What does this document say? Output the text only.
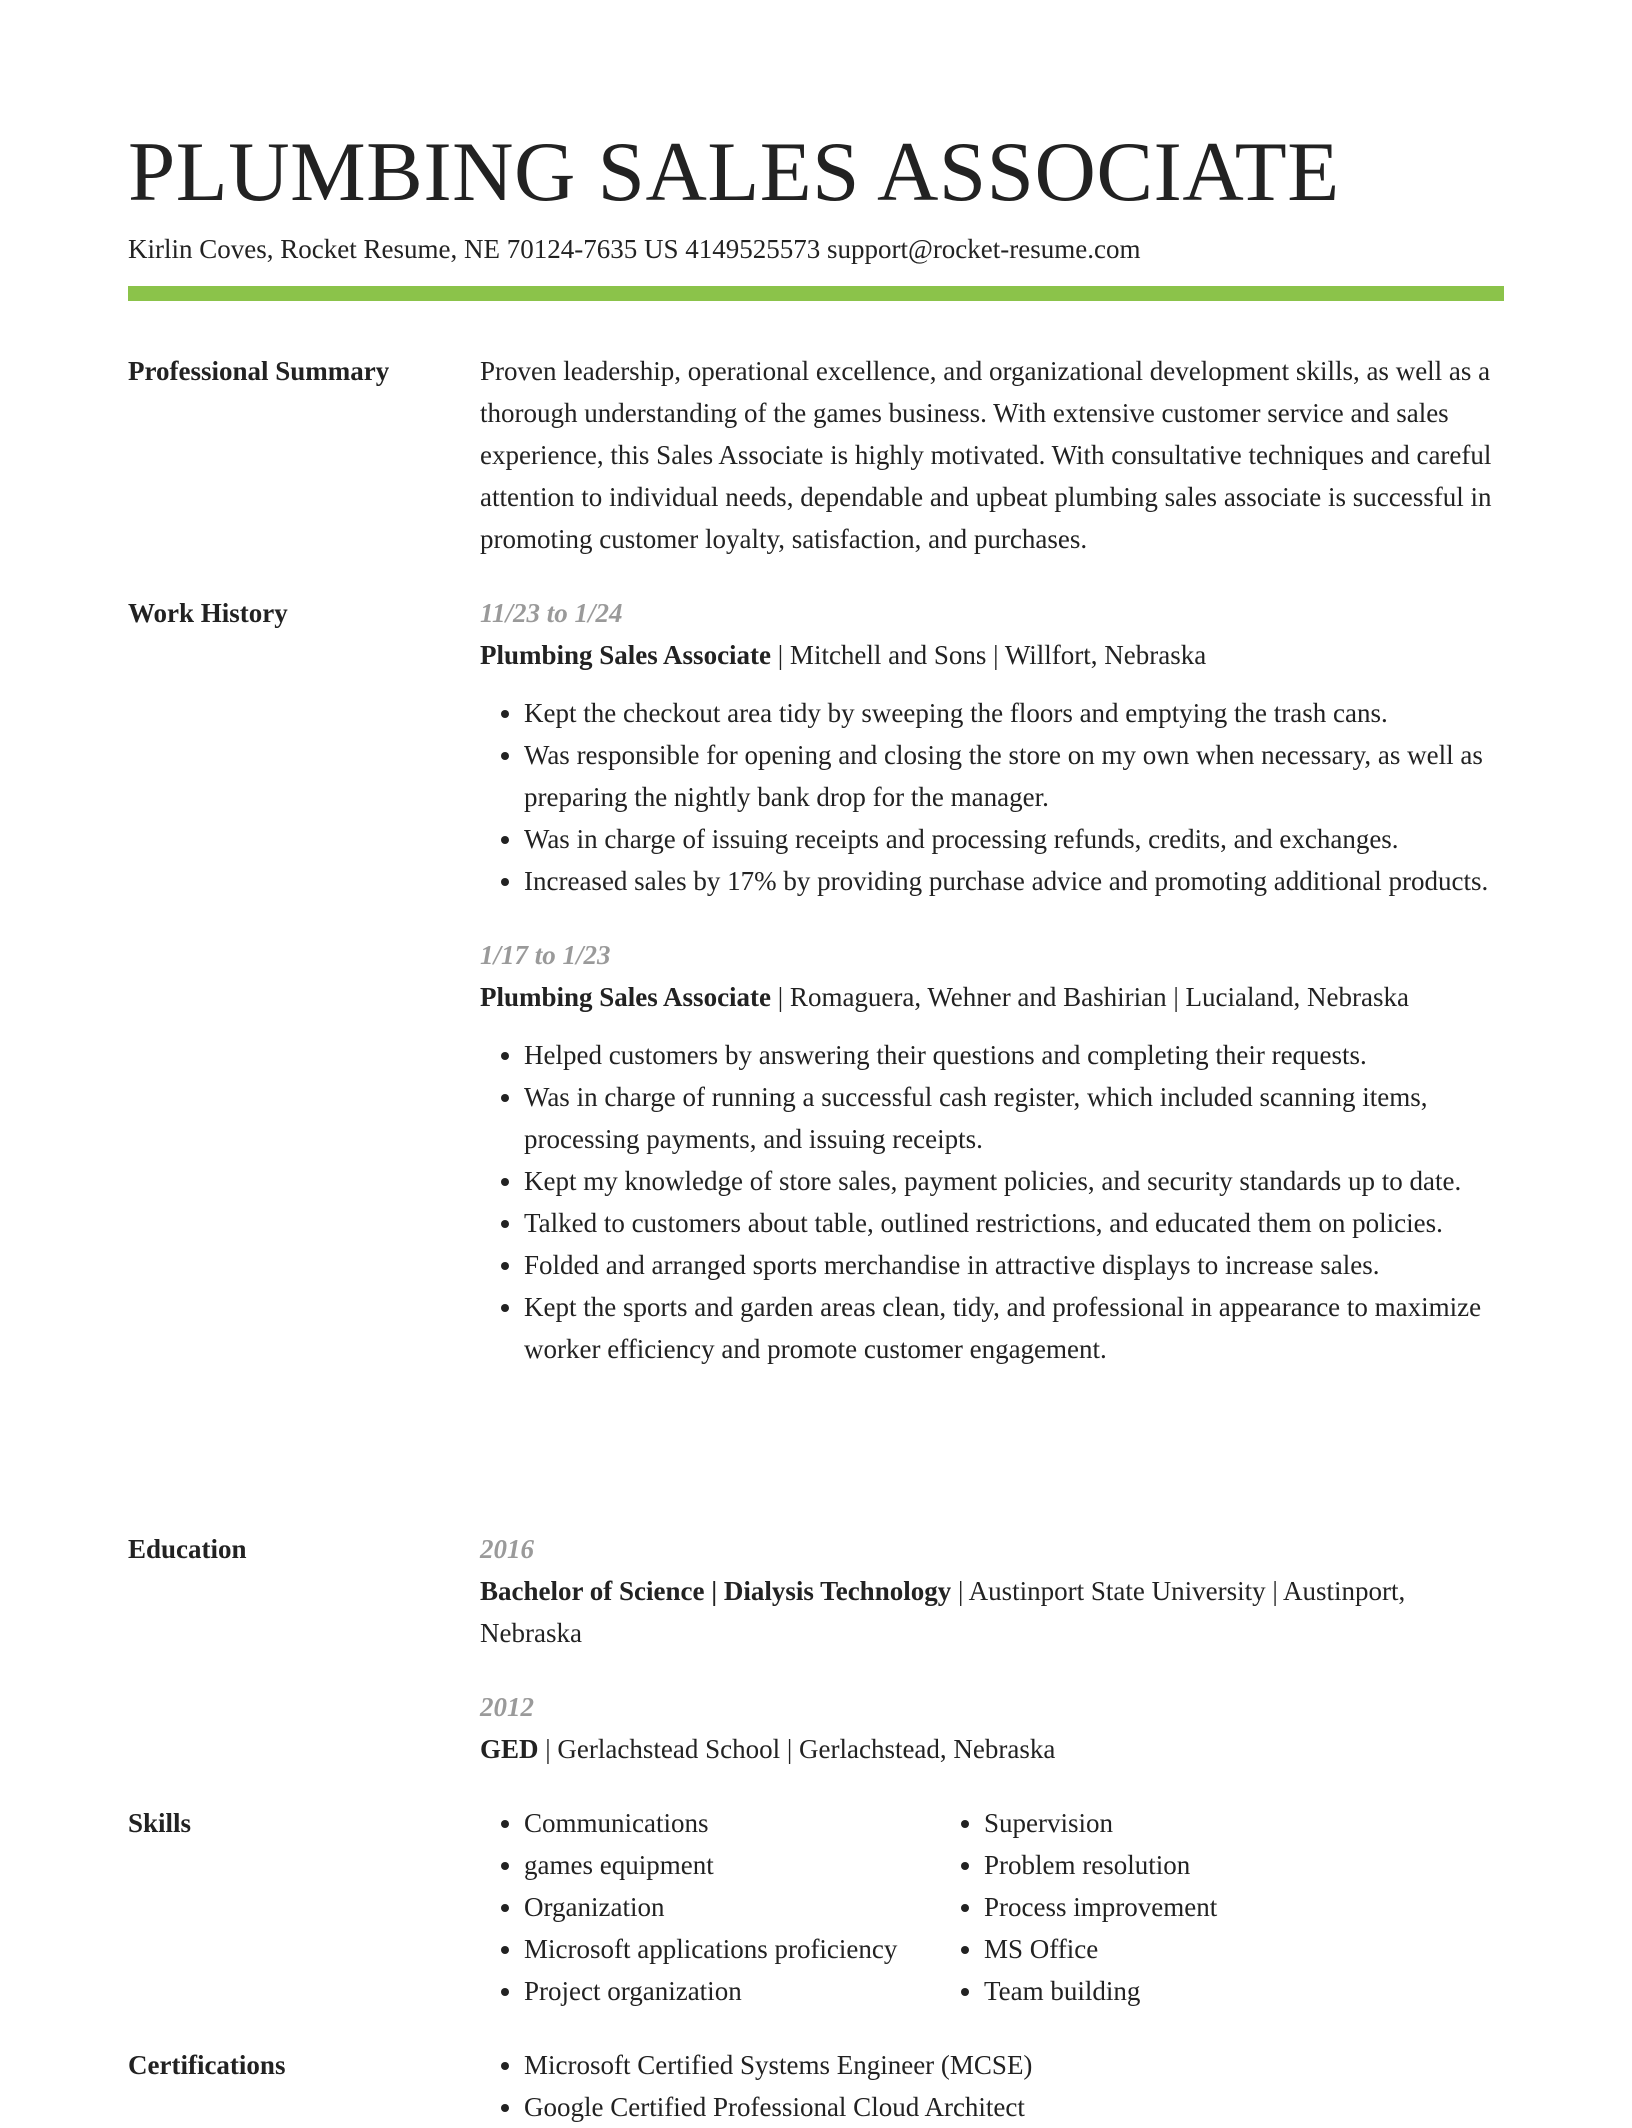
PLUMBING SALES ASSOCIATE
Kirlin Coves, Rocket Resume, NE 70124-7635 US 4149525573 support@rocket-resume.com
Professional Summary	Proven leadership, operational excellence, and organizational development skills, as well as a thorough understanding of the games business. With extensive customer service and sales experience, this Sales Associate is highly motivated. With consultative techniques and careful attention to individual needs, dependable and upbeat plumbing sales associate is successful in promoting customer loyalty, satisfaction, and purchases.
Work History	11/23 to 1/24
Plumbing Sales Associate | Mitchell and Sons | Willfort, Nebraska
• Kept the checkout area tidy by sweeping the floors and emptying the trash cans.
• Was responsible for opening and closing the store on my own when necessary, as well as preparing the nightly bank drop for the manager.
• Was in charge of issuing receipts and processing refunds, credits, and exchanges.
• Increased sales by 17% by providing purchase advice and promoting additional products.
1/17 to 1/23
Plumbing Sales Associate | Romaguera, Wehner and Bashirian | Lucialand, Nebraska
• Helped customers by answering their questions and completing their requests.
• Was in charge of running a successful cash register, which included scanning items, processing payments, and issuing receipts.
• Kept my knowledge of store sales, payment policies, and security standards up to date.
• Talked to customers about table, outlined restrictions, and educated them on policies.
• Folded and arranged sports merchandise in attractive displays to increase sales.
• Kept the sports and garden areas clean, tidy, and professional in appearance to maximize worker efficiency and promote customer engagement.
Education	2016
Bachelor of Science | Dialysis Technology | Austinport State University | Austinport, Nebraska
2012
GED | Gerlachstead School | Gerlachstead, Nebraska
Skills	• Communications
• games equipment
• Organization
• Microsoft applications proficiency
• Project organization
• Supervision
• Problem resolution
• Process improvement
• MS Office
• Team building
Certifications	• Microsoft Certified Systems Engineer (MCSE)
• Google Certified Professional Cloud Architect
